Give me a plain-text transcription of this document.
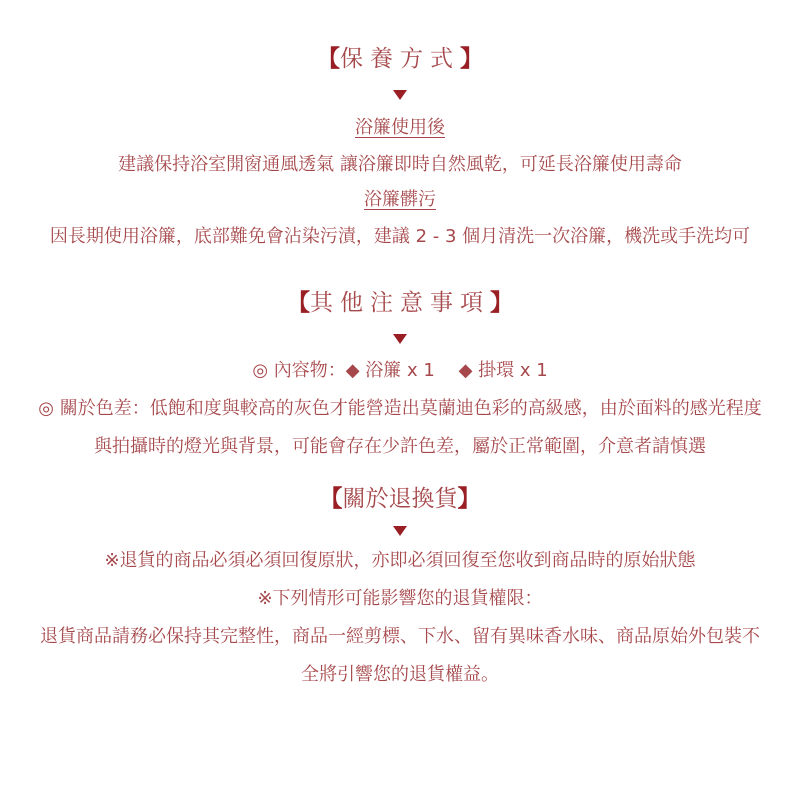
【保養方式】

浴簾使用後

建議保持浴室開窗通風透氣 讓浴簾即時自然風乾，可延長浴簾使用壽命

浴簾髒污

因長期使用浴簾，底部難免會沾染污漬，建議 2 - 3 個月清洗一次浴簾，機洗或手洗均可

【其他注意事項】

◎ 內容物：◆ 浴簾 x 1　 ◆ 掛環 x 1

◎ 關於色差：低飽和度與較高的灰色才能營造出莫蘭迪色彩的高級感，由於面料的感光程度與拍攝時的燈光與背景，可能會存在少許色差，屬於正常範圍，介意者請慎選

【關於退換貨】

※退貨的商品必須必須回復原狀，亦即必須回復至您收到商品時的原始狀態

※下列情形可能影響您的退貨權限：

退貨商品請務必保持其完整性，商品一經剪標、下水、留有異味香水味、商品原始外包裝不全將引響您的退貨權益。
